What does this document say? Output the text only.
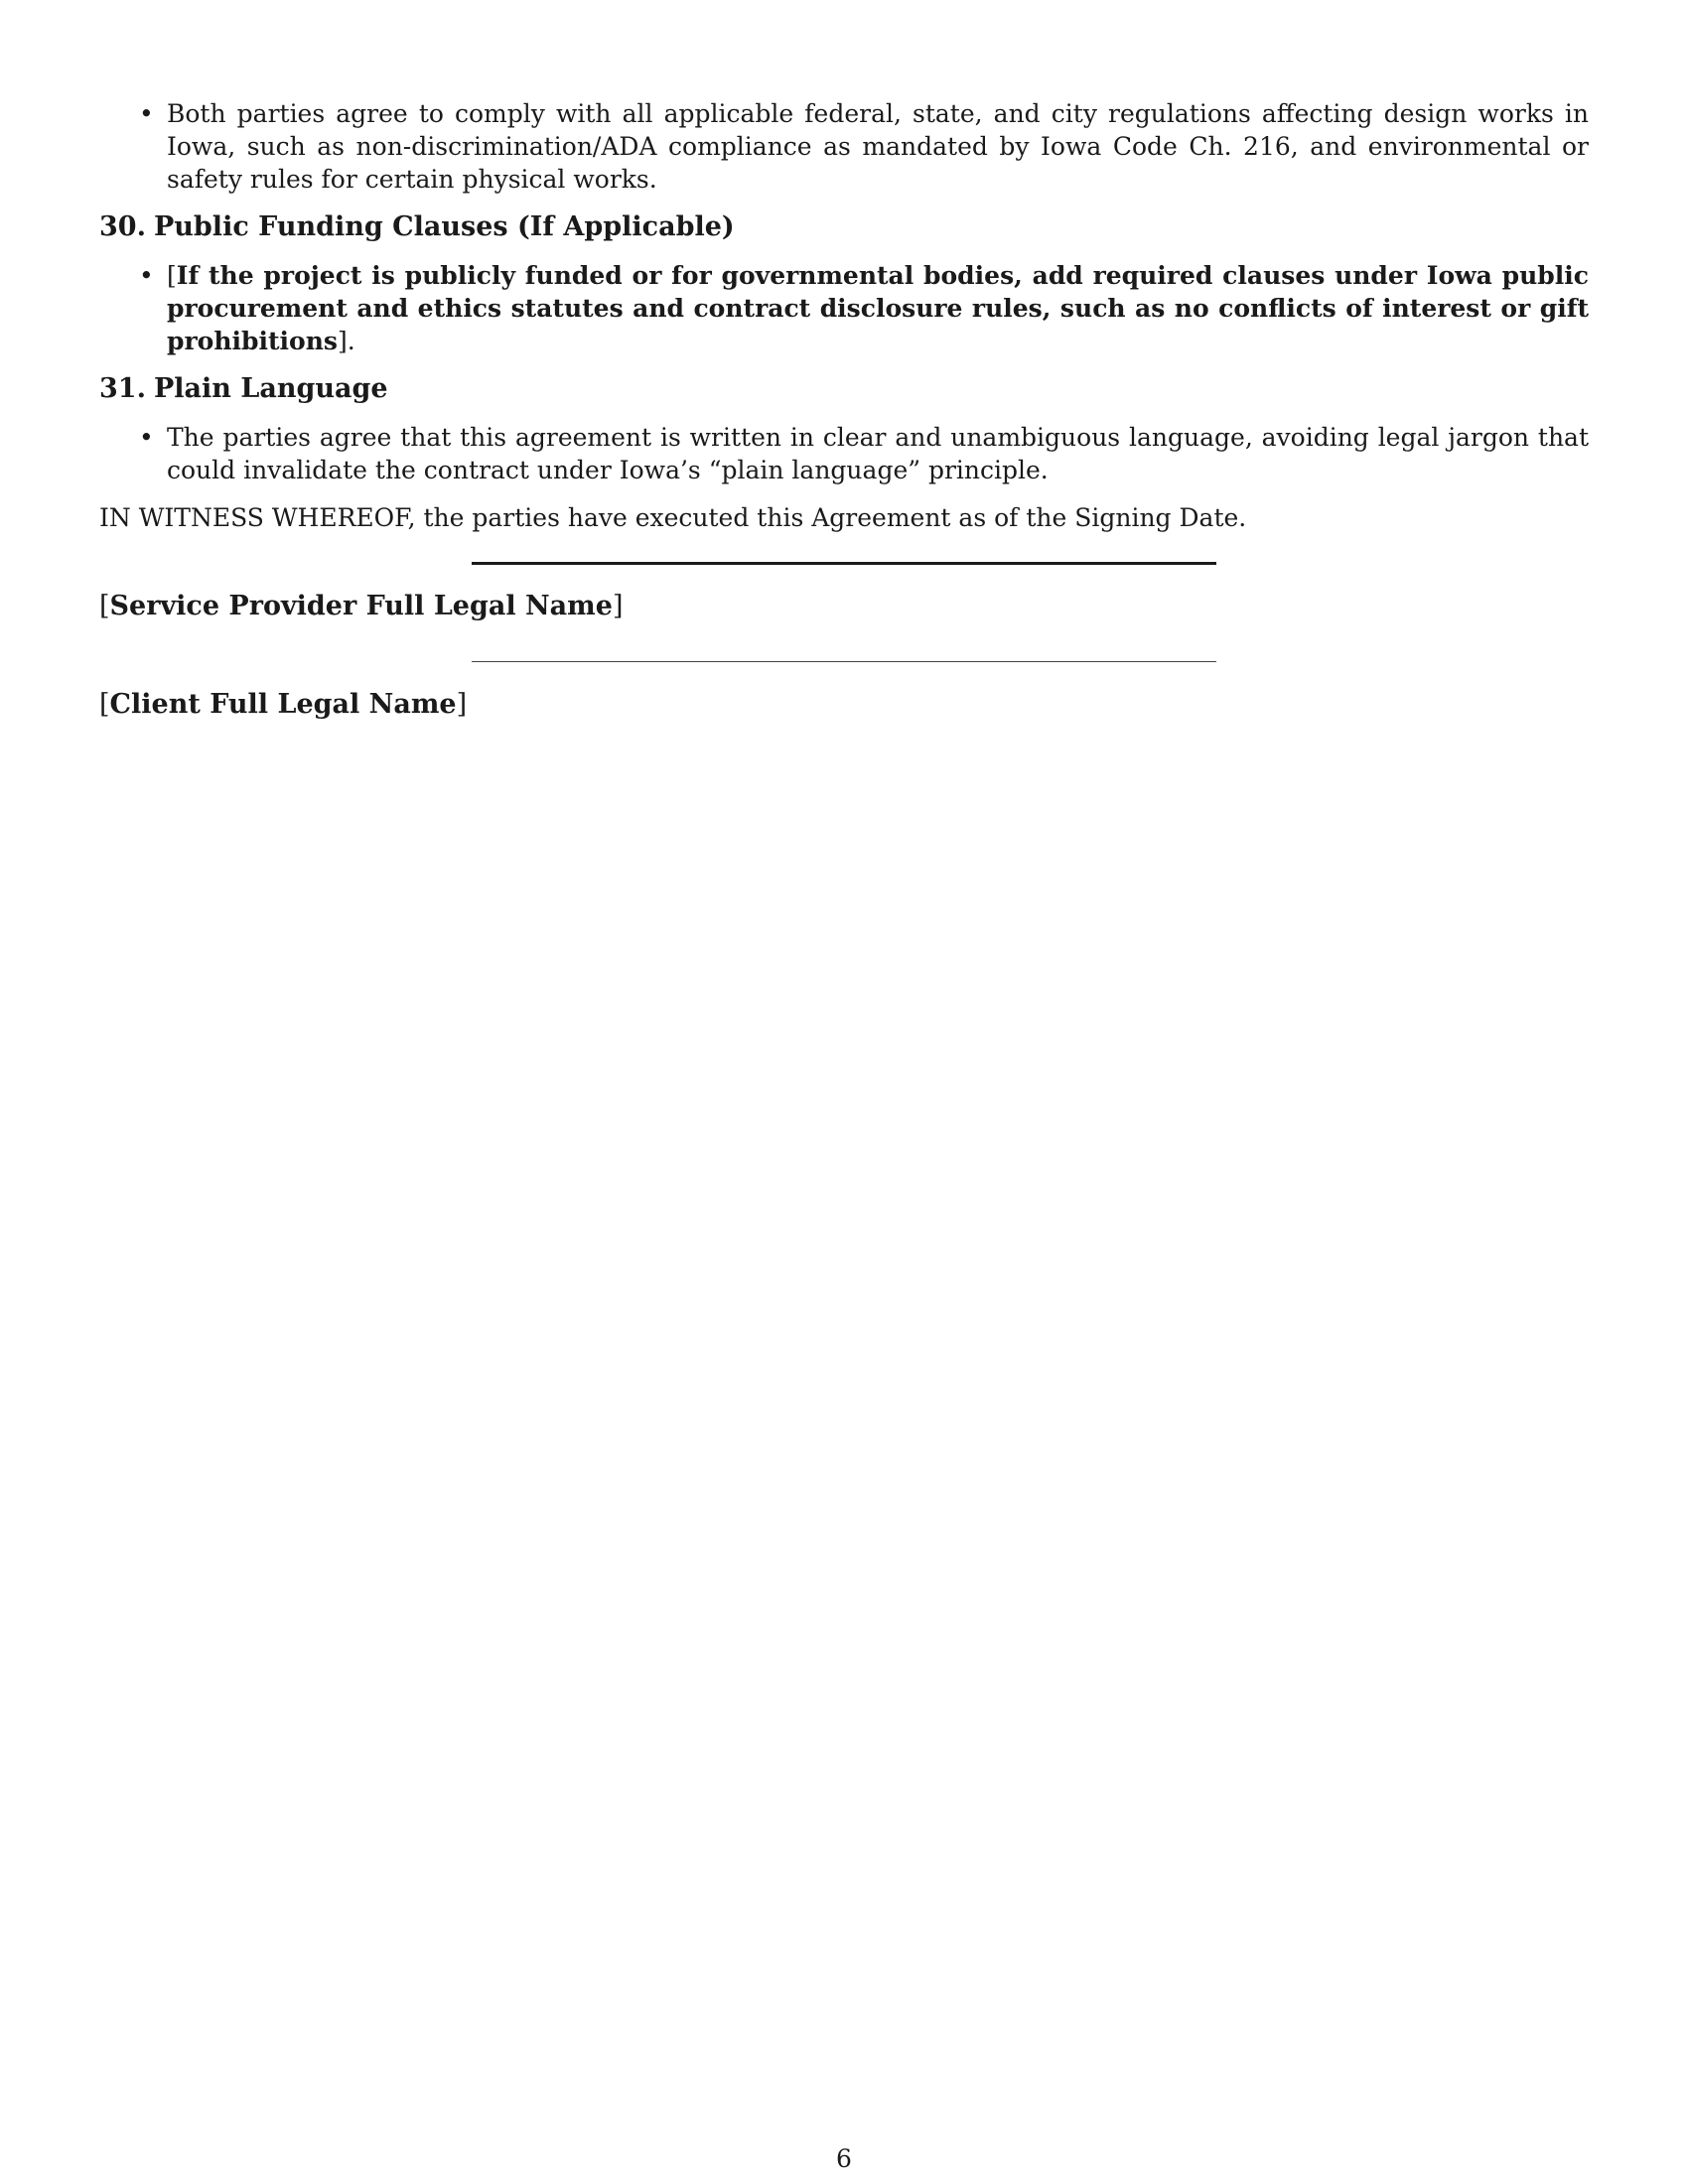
• Both parties agree to comply with all applicable federal, state, and city regulations affecting design works in Iowa, such as non-discrimination/ADA compliance as mandated by Iowa Code Ch. 216, and environmental or safety rules for certain physical works.
30. Public Funding Clauses (If Applicable)
• [If the project is publicly funded or for governmental bodies, add required clauses under Iowa public procurement and ethics statutes and contract disclosure rules, such as no conflicts of interest or gift prohibitions].
31. Plain Language
• The parties agree that this agreement is written in clear and unambiguous language, avoiding legal jargon that could invalidate the contract under Iowa’s “plain language” principle.
IN WITNESS WHEREOF, the parties have executed this Agreement as of the Signing Date.
[Service Provider Full Legal Name]
[Client Full Legal Name]
6
